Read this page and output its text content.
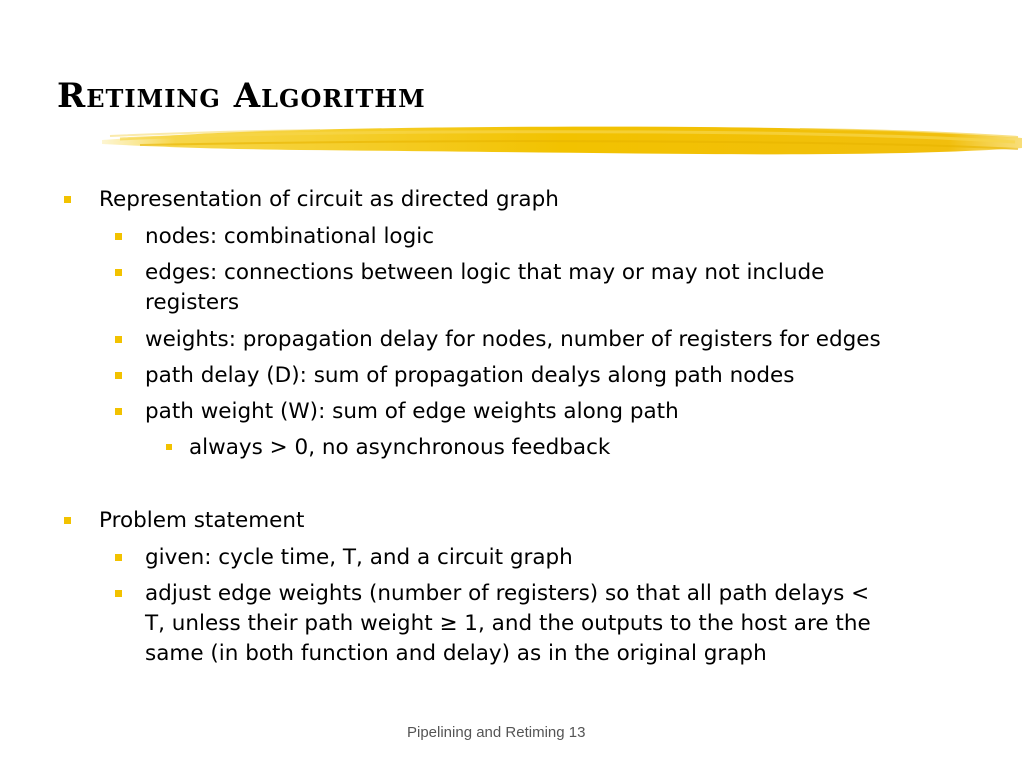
Retiming Algorithm
Representation of circuit as directed graph
nodes: combinational logic
edges: connections between logic that may or may not include
registers
weights: propagation delay for nodes, number of registers for edges
path delay (D): sum of propagation dealys along path nodes
path weight (W): sum of edge weights along path
always > 0, no asynchronous feedback
Problem statement
given: cycle time, T, and a circuit graph
adjust edge weights (number of registers) so that all path delays <
T, unless their path weight ≥ 1, and the outputs to the host are the
same (in both function and delay) as in the original graph
Pipelining and Retiming 13
